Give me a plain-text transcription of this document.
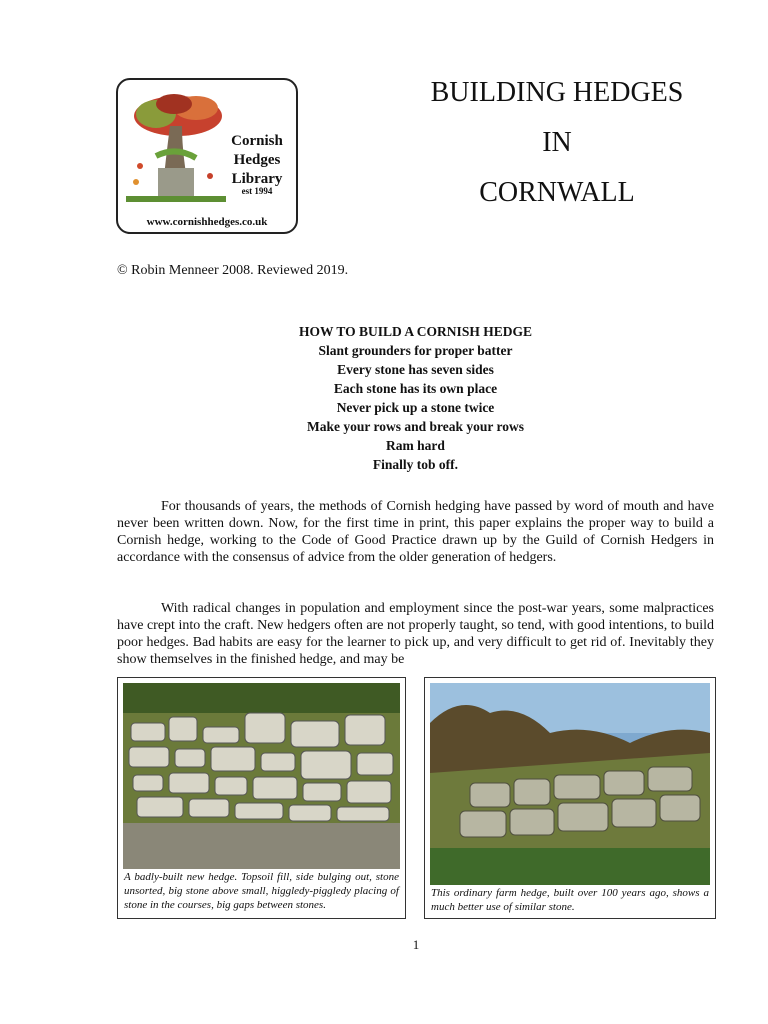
Cornish
Hedges
Library
est 1994
www.cornishhedges.co.uk
BUILDING HEDGES
IN
CORNWALL
© Robin Menneer 2008. Reviewed 2019.
HOW TO BUILD A CORNISH HEDGE
Slant grounders for proper batter
Every stone has seven sides
Each stone has its own place
Never pick up a stone twice
Make your rows and break your rows
Ram hard
Finally tob off.

For thousands of years, the methods of Cornish hedging have passed by word of mouth and have never been written down. Now, for the first time in print, this paper explains the proper way to build a Cornish hedge, working to the Code of Good Practice drawn up by the Guild of Cornish Hedgers in accordance with the consensus of advice from the older generation of hedgers.

With radical changes in population and employment since the post-war years, some malpractices have crept into the craft. New hedgers often are not properly taught, so tend, with good intentions, to build poor hedges. Bad habits are easy for the learner to pick up, and very difficult to get rid of. Inevitably they show themselves in the finished hedge, and may be

A badly-built new hedge. Topsoil fill, side bulging out, stone unsorted, big stone above small, higgledy-piggledy placing of stone in the courses, big gaps between stones.
This ordinary farm hedge, built over 100 years ago, shows a much better use of similar stone.
1
